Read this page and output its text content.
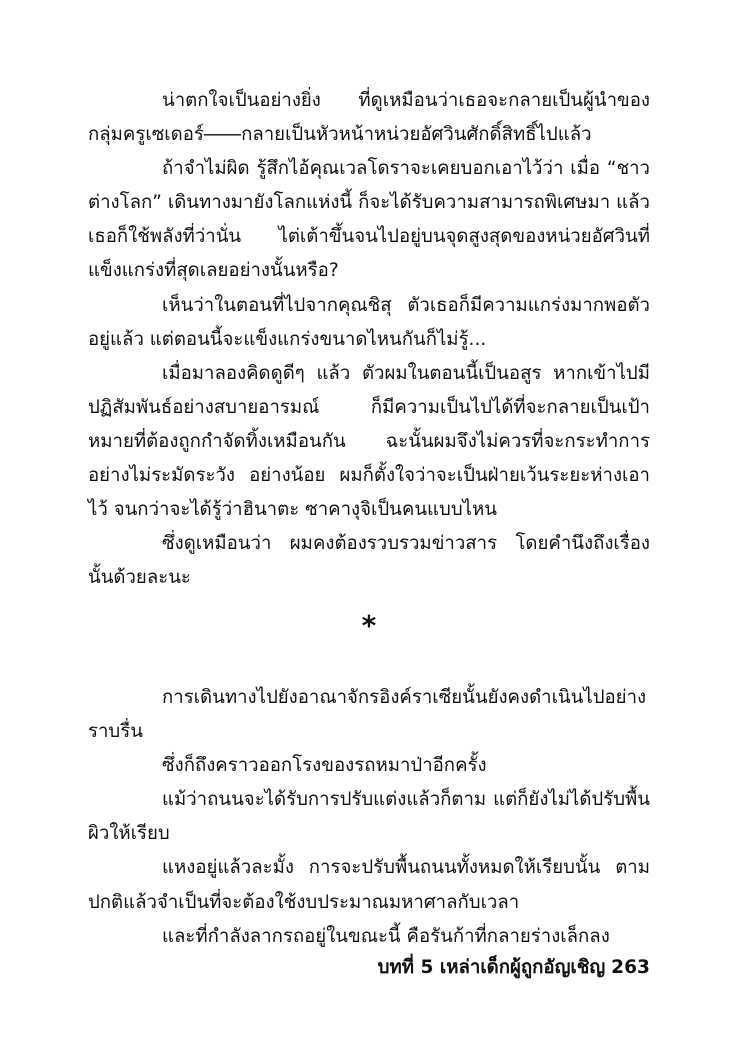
น่าตกใจเป็นอย่างยิ่ง ที่ดูเหมือนว่าเธอจะกลายเป็นผู้นำของกลุ่มครูเซเดอร์――กลายเป็นหัวหน้าหน่วยอัศวินศักดิ์สิทธิ์ไปแล้ว

ถ้าจำไม่ผิด รู้สึกไอ้คุณเวลโดราจะเคยบอกเอาไว้ว่า เมื่อ “ชาวต่างโลก” เดินทางมายังโลกแห่งนี้ ก็จะได้รับความสามารถพิเศษมา แล้วเธอก็ใช้พลังที่ว่านั่น ไต่เต้าขึ้นจนไปอยู่บนจุดสูงสุดของหน่วยอัศวินที่แข็งแกร่งที่สุดเลยอย่างนั้นหรือ?

เห็นว่าในตอนที่ไปจากคุณชิสุ ตัวเธอก็มีความแกร่งมากพอตัวอยู่แล้ว แต่ตอนนี้จะแข็งแกร่งขนาดไหนกันก็ไม่รู้...

เมื่อมาลองคิดดูดีๆ แล้ว ตัวผมในตอนนี้เป็นอสูร หากเข้าไปมีปฏิสัมพันธ์อย่างสบายอารมณ์ ก็มีความเป็นไปได้ที่จะกลายเป็นเป้าหมายที่ต้องถูกกำจัดทิ้งเหมือนกัน ฉะนั้นผมจึงไม่ควรที่จะกระทำการอย่างไม่ระมัดระวัง อย่างน้อย ผมก็ตั้งใจว่าจะเป็นฝ่ายเว้นระยะห่างเอาไว้ จนกว่าจะได้รู้ว่าฮินาตะ ซาคางุจิเป็นคนแบบไหน

ซึ่งดูเหมือนว่า ผมคงต้องรวบรวมข่าวสาร โดยคำนึงถึงเรื่องนั้นด้วยละนะ

*

การเดินทางไปยังอาณาจักรอิงค์ราเซียนั้นยังคงดำเนินไปอย่างราบรื่น

ซึ่งก็ถึงคราวออกโรงของรถหมาป่าอีกครั้ง

แม้ว่าถนนจะได้รับการปรับแต่งแล้วก็ตาม แต่ก็ยังไม่ได้ปรับพื้นผิวให้เรียบ

แหงอยู่แล้วละมั้ง การจะปรับพื้นถนนทั้งหมดให้เรียบนั้น ตามปกติแล้วจำเป็นที่จะต้องใช้งบประมาณมหาศาลกับเวลา

และที่กำลังลากรถอยู่ในขณะนี้ คือรันก้าที่กลายร่างเล็กลง

บทที่ 5 เหล่าเด็กผู้ถูกอัญเชิญ 263
